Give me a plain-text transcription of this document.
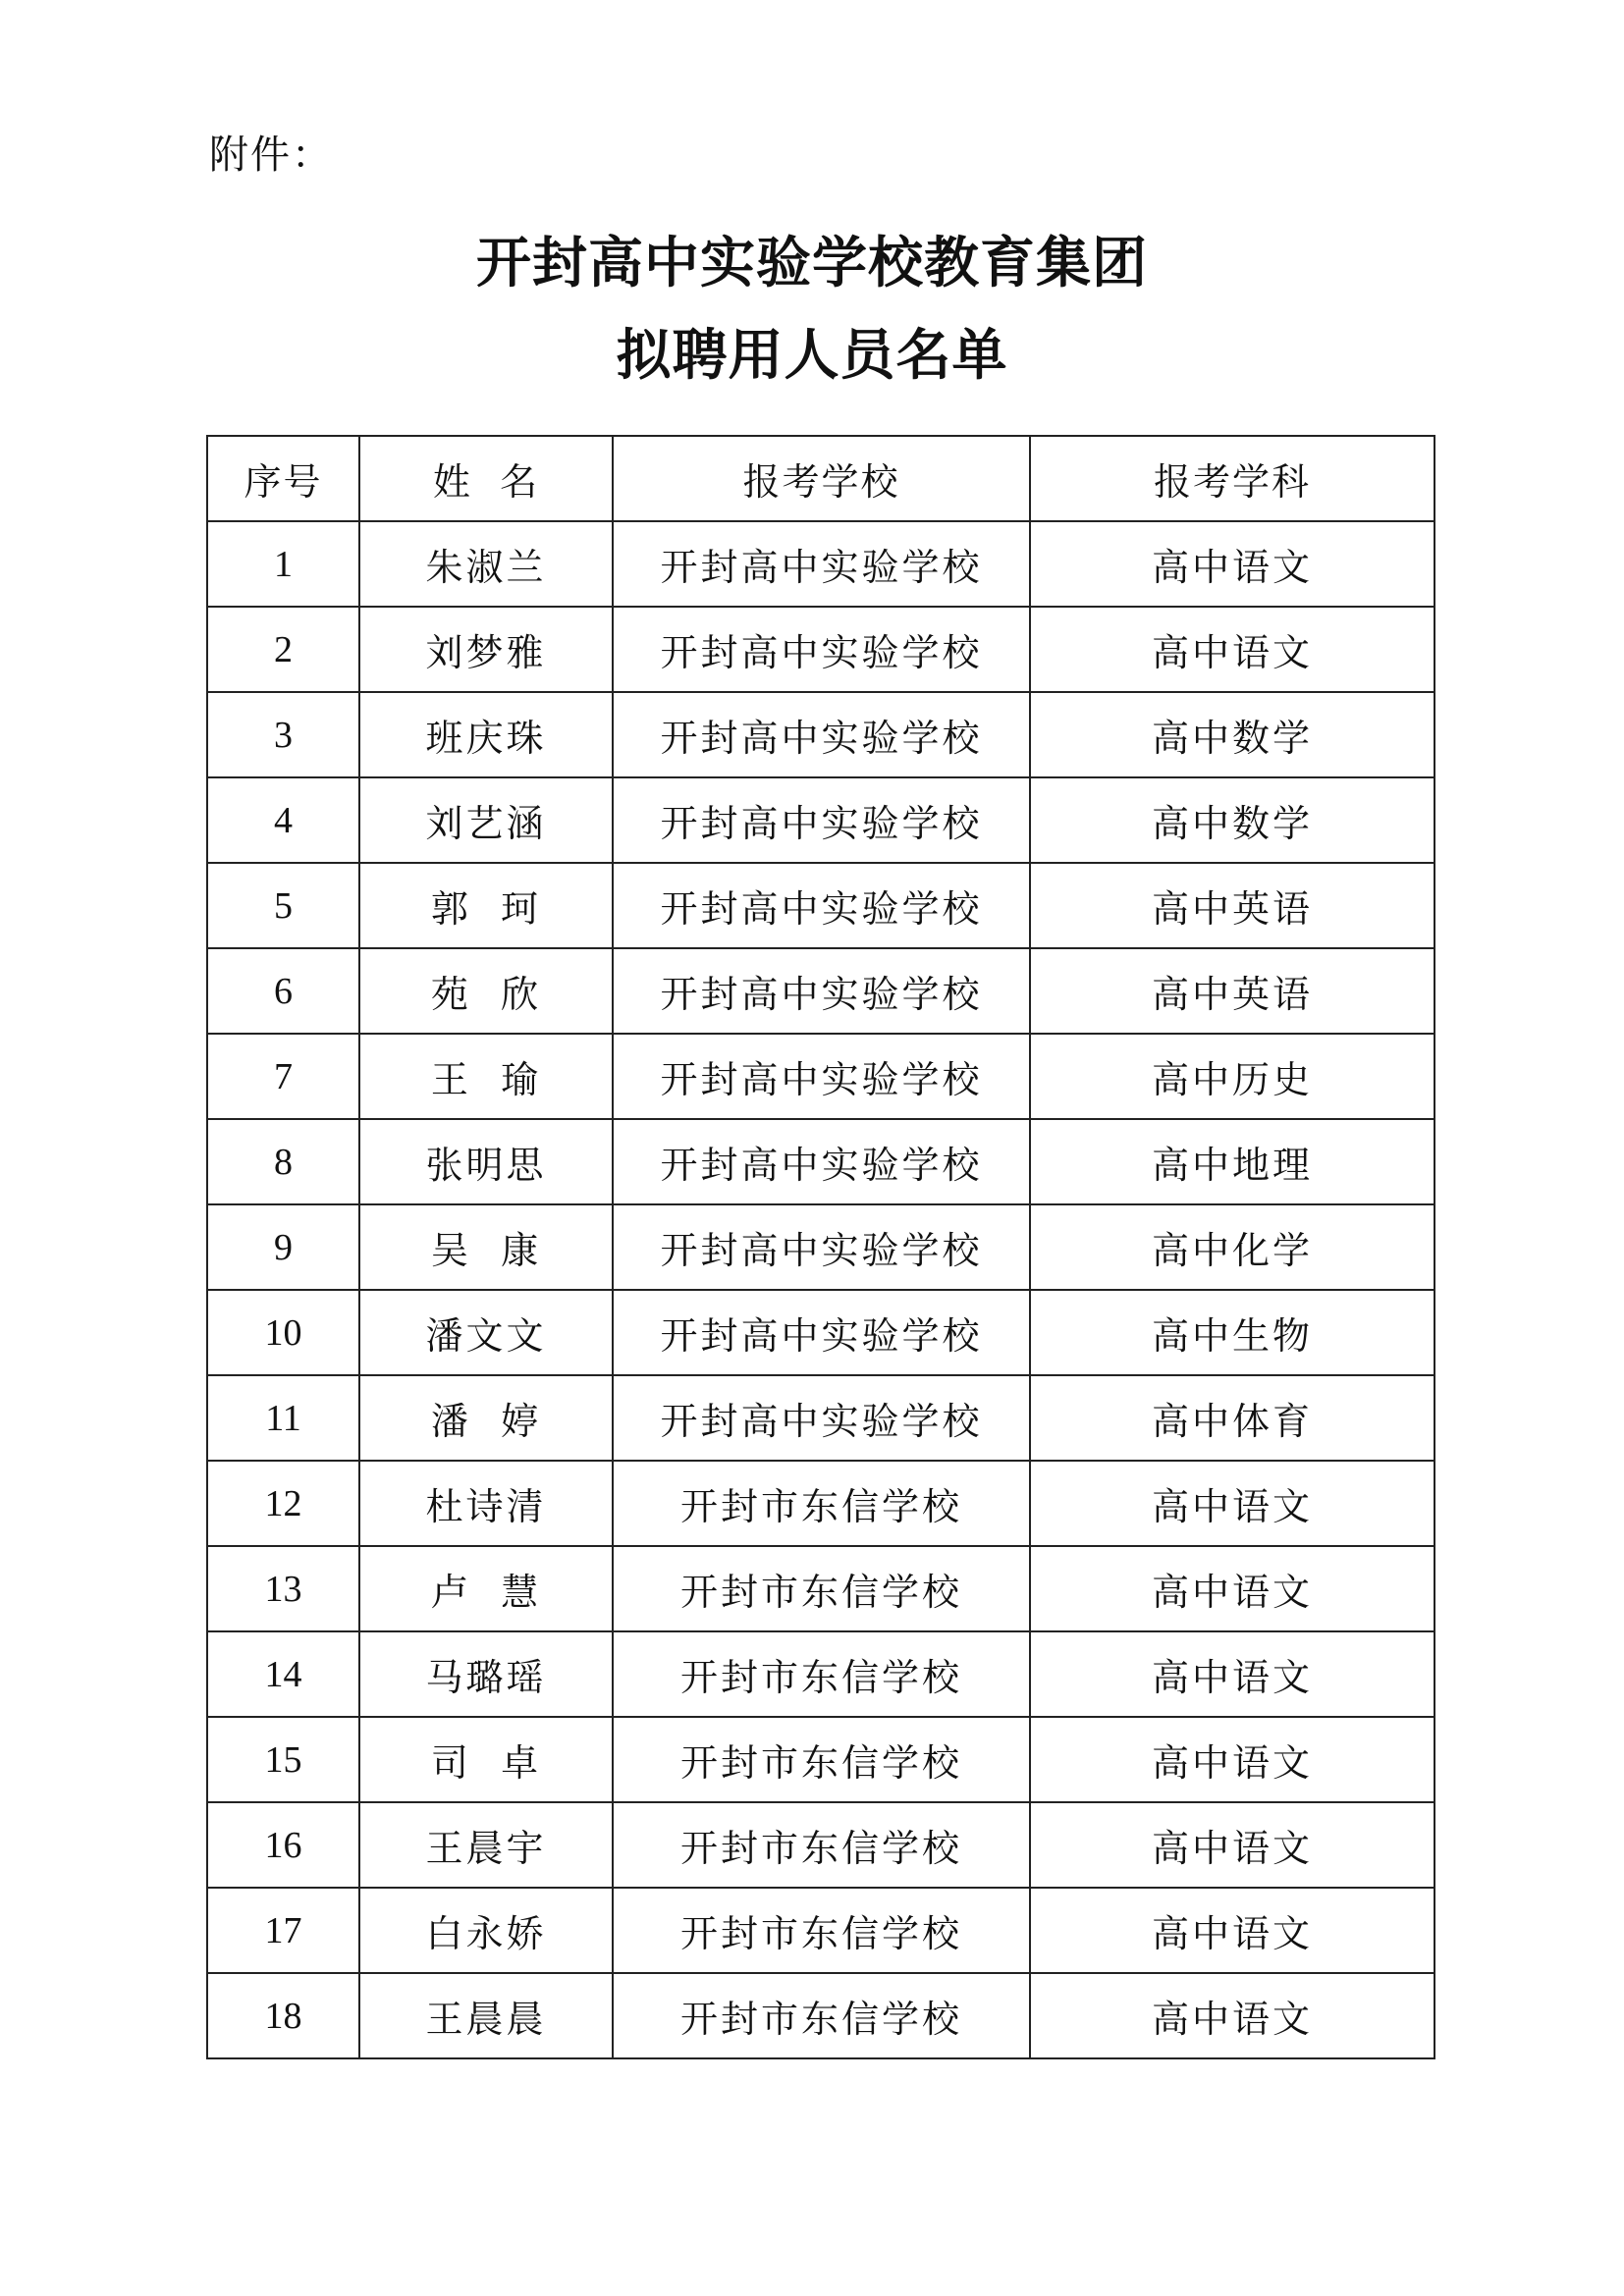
附件：
开封高中实验学校教育集团
拟聘用人员名单
序号	姓  名	报考学校	报考学科
1	朱淑兰	开封高中实验学校	高中语文
2	刘梦雅	开封高中实验学校	高中语文
3	班庆珠	开封高中实验学校	高中数学
4	刘艺涵	开封高中实验学校	高中数学
5	郭  珂	开封高中实验学校	高中英语
6	苑  欣	开封高中实验学校	高中英语
7	王  瑜	开封高中实验学校	高中历史
8	张明思	开封高中实验学校	高中地理
9	吴  康	开封高中实验学校	高中化学
10	潘文文	开封高中实验学校	高中生物
11	潘  婷	开封高中实验学校	高中体育
12	杜诗清	开封市东信学校	高中语文
13	卢  慧	开封市东信学校	高中语文
14	马璐瑶	开封市东信学校	高中语文
15	司  卓	开封市东信学校	高中语文
16	王晨宇	开封市东信学校	高中语文
17	白永娇	开封市东信学校	高中语文
18	王晨晨	开封市东信学校	高中语文
